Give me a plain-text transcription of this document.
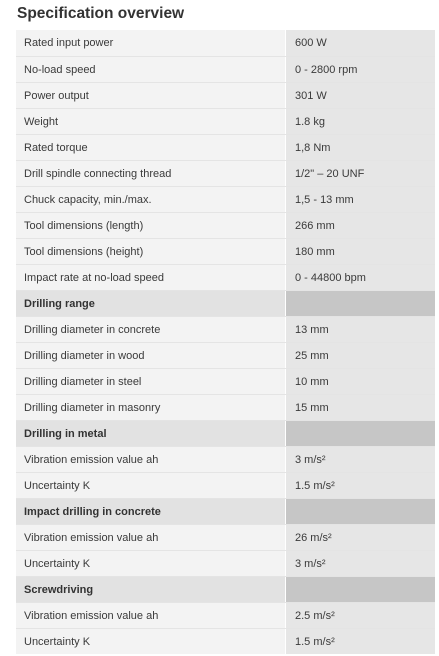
Specification overview
Rated input power	600 W
No-load speed	0 - 2800 rpm
Power output	301 W
Weight	1.8 kg
Rated torque	1,8 Nm
Drill spindle connecting thread	1/2" – 20 UNF
Chuck capacity, min./max.	1,5 - 13 mm
Tool dimensions (length)	266 mm
Tool dimensions (height)	180 mm
Impact rate at no-load speed	0 - 44800 bpm
Drilling range
Drilling diameter in concrete	13 mm
Drilling diameter in wood	25 mm
Drilling diameter in steel	10 mm
Drilling diameter in masonry	15 mm
Drilling in metal
Vibration emission value ah	3 m/s²
Uncertainty K	1.5 m/s²
Impact drilling in concrete
Vibration emission value ah	26 m/s²
Uncertainty K	3 m/s²
Screwdriving
Vibration emission value ah	2.5 m/s²
Uncertainty K	1.5 m/s²
